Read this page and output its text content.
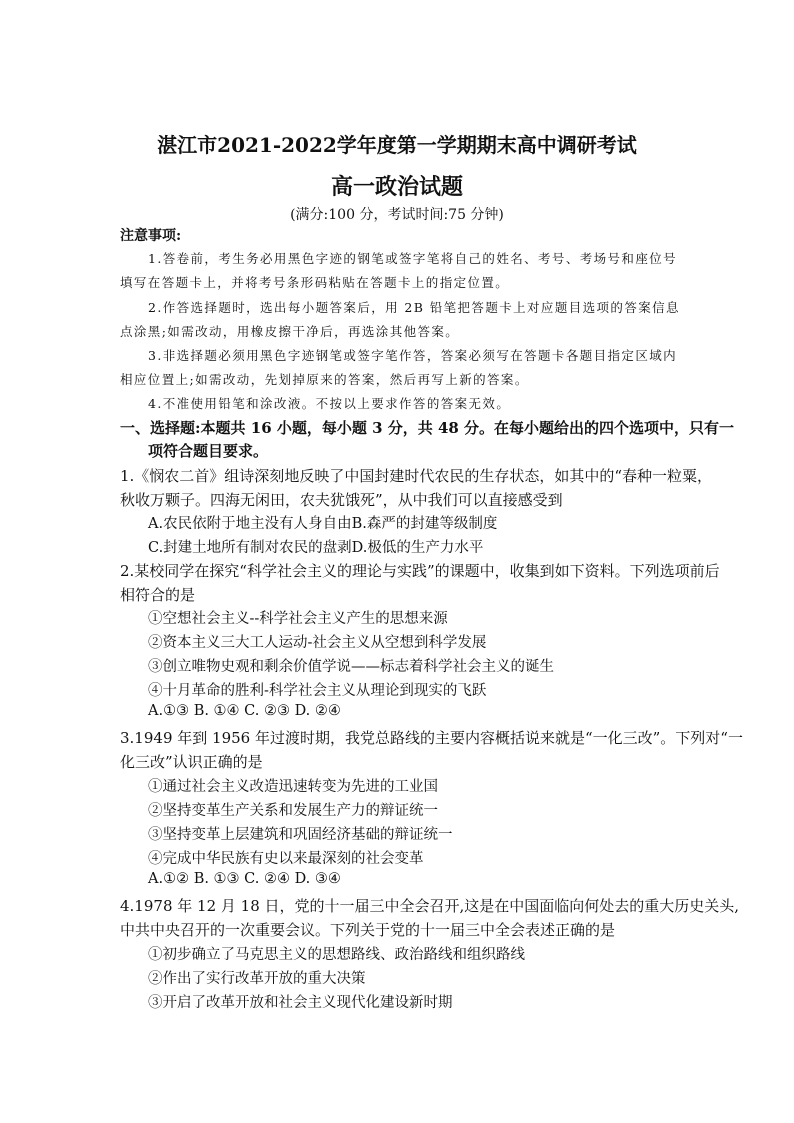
湛江市2021-2022学年度第一学期期末高中调研考试
高一政治试题
(满分:100 分，考试时间:75 分钟)
注意事项:
1.答卷前，考生务必用黑色字迹的钢笔或签字笔将自己的姓名、考号、考场号和座位号
填写在答题卡上，并将考号条形码粘贴在答题卡上的指定位置。
2.作答选择题时，选出每小题答案后，用 2B 铅笔把答题卡上对应题目选项的答案信息
点涂黑;如需改动，用橡皮擦干净后，再选涂其他答案。
3.非选择题必须用黑色字迹钢笔或签字笔作答，答案必须写在答题卡各题目指定区域内
相应位置上;如需改动，先划掉原来的答案，然后再写上新的答案。
4.不准使用铅笔和涂改液。不按以上要求作答的答案无效。
一、选择题:本题共 16 小题，每小题 3 分，共 48 分。在每小题给出的四个选项中，只有一
项符合题目要求。
1.《悯农二首》组诗深刻地反映了中国封建时代农民的生存状态，如其中的“春种一粒粟，
秋收万颗子。四海无闲田，农夫犹饿死”，从中我们可以直接感受到
A.农民依附于地主没有人身自由B.森严的封建等级制度
C.封建土地所有制对农民的盘剥D.极低的生产力水平
2.某校同学在探究“科学社会主义的理论与实践”的课题中，收集到如下资料。下列选项前后
相符合的是
①空想社会主义--科学社会主义产生的思想来源
②资本主义三大工人运动-社会主义从空想到科学发展
③创立唯物史观和剩余价值学说——标志着科学社会主义的诞生
④十月革命的胜利-科学社会主义从理论到现实的飞跃
A.①③ B. ①④ C. ②③ D. ②④
3.1949 年到 1956 年过渡时期，我党总路线的主要内容概括说来就是“一化三改”。下列对“一
化三改”认识正确的是
①通过社会主义改造迅速转变为先进的工业国
②坚持变革生产关系和发展生产力的辩证统一
③坚持变革上层建筑和巩固经济基础的辩证统一
④完成中华民族有史以来最深刻的社会变革
A.①② B. ①③ C. ②④ D. ③④
4.1978 年 12 月 18 日，党的十一届三中全会召开,这是在中国面临向何处去的重大历史关头,
中共中央召开的一次重要会议。下列关于党的十一届三中全会表述正确的是
①初步确立了马克思主义的思想路线、政治路线和组织路线
②作出了实行改革开放的重大决策
③开启了改革开放和社会主义现代化建设新时期
